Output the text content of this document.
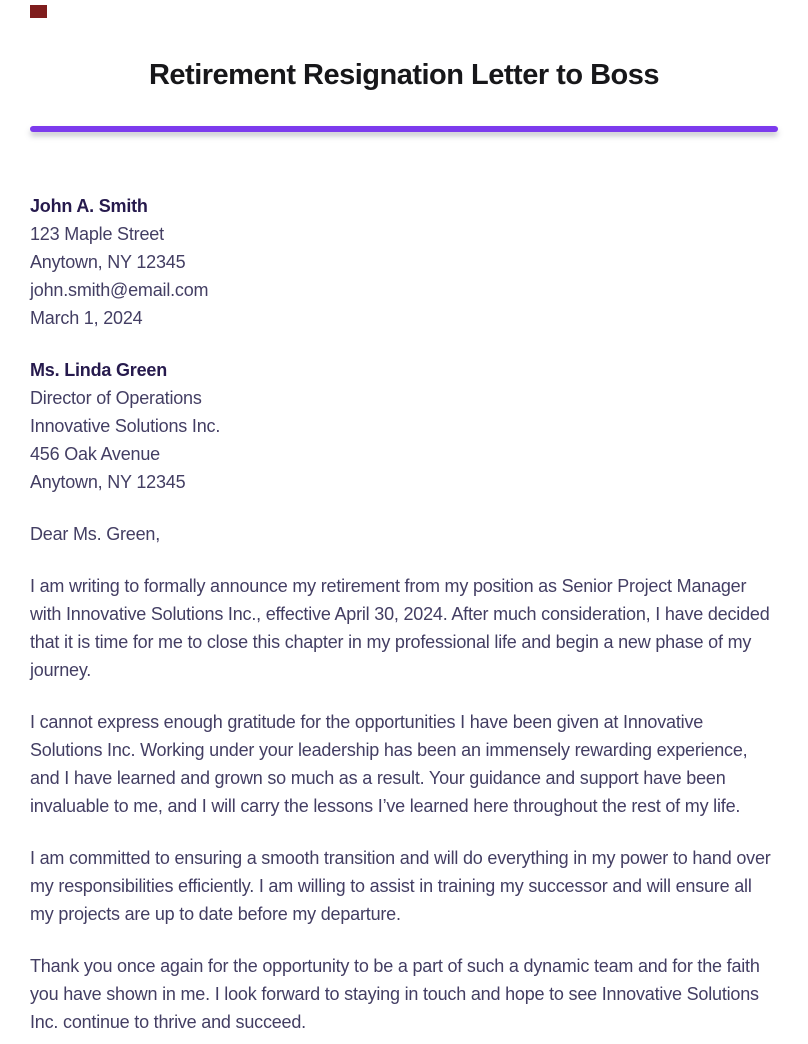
Retirement Resignation Letter to Boss

John A. Smith
123 Maple Street
Anytown, NY 12345
john.smith@email.com
March 1, 2024

Ms. Linda Green
Director of Operations
Innovative Solutions Inc.
456 Oak Avenue
Anytown, NY 12345

Dear Ms. Green,

I am writing to formally announce my retirement from my position as Senior Project Manager with Innovative Solutions Inc., effective April 30, 2024. After much consideration, I have decided that it is time for me to close this chapter in my professional life and begin a new phase of my journey.

I cannot express enough gratitude for the opportunities I have been given at Innovative Solutions Inc. Working under your leadership has been an immensely rewarding experience, and I have learned and grown so much as a result. Your guidance and support have been invaluable to me, and I will carry the lessons I’ve learned here throughout the rest of my life.

I am committed to ensuring a smooth transition and will do everything in my power to hand over my responsibilities efficiently. I am willing to assist in training my successor and will ensure all my projects are up to date before my departure.

Thank you once again for the opportunity to be a part of such a dynamic team and for the faith you have shown in me. I look forward to staying in touch and hope to see Innovative Solutions Inc. continue to thrive and succeed.
